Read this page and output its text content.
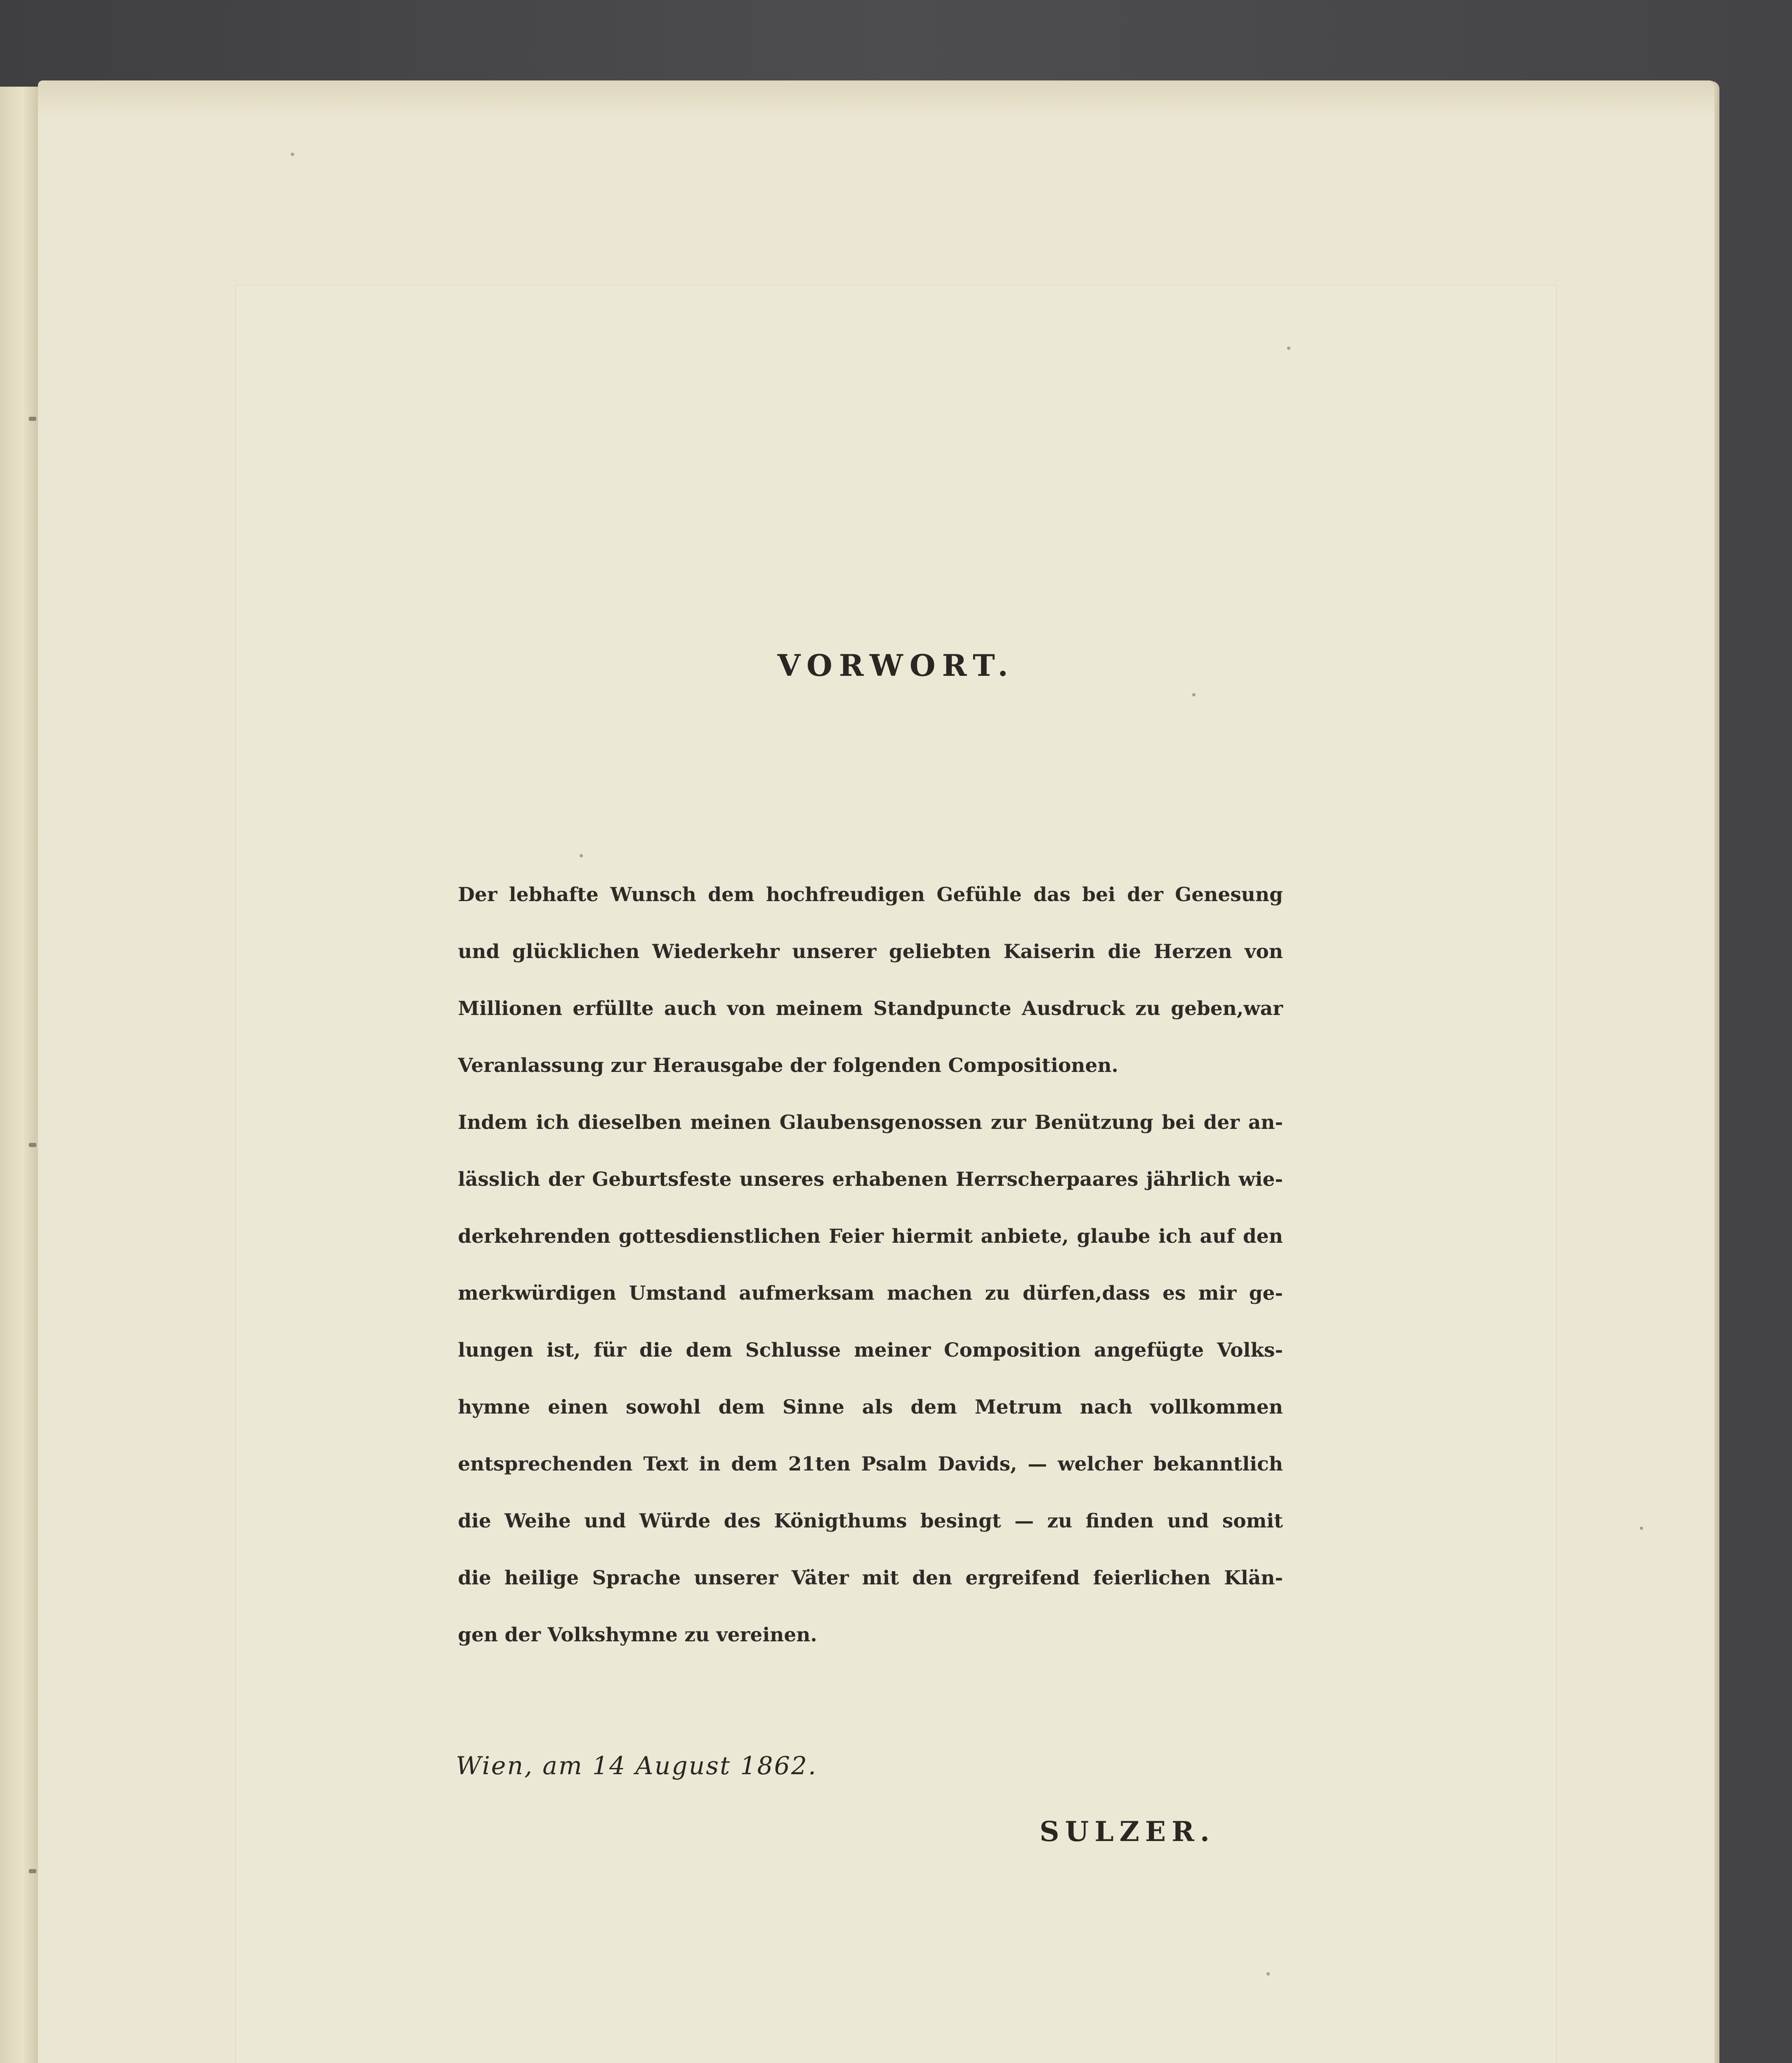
VORWORT.
Der lebhafte Wunsch dem hochfreudigen Gefühle das bei der Genesung
und glücklichen Wiederkehr unserer geliebten Kaiserin die Herzen von
Millionen erfüllte auch von meinem Standpuncte Ausdruck zu geben,war
Veranlassung zur Herausgabe der folgenden Compositionen.
Indem ich dieselben meinen Glaubensgenossen zur Benützung bei der an-
lässlich der Geburtsfeste unseres erhabenen Herrscherpaares jährlich wie-
derkehrenden gottesdienstlichen Feier hiermit anbiete, glaube ich auf den
merkwürdigen Umstand aufmerksam machen zu dürfen,dass es mir ge-
lungen ist, für die dem Schlusse meiner Composition angefügte Volks-
hymne einen sowohl dem Sinne als dem Metrum nach vollkommen
entsprechenden Text in dem 21ten Psalm Davids, — welcher bekanntlich
die Weihe und Würde des Königthums besingt — zu finden und somit
die heilige Sprache unserer Väter mit den ergreifend feierlichen Klän-
gen der Volkshymne zu vereinen.
Wien, am 14 August 1862.
SULZER.
